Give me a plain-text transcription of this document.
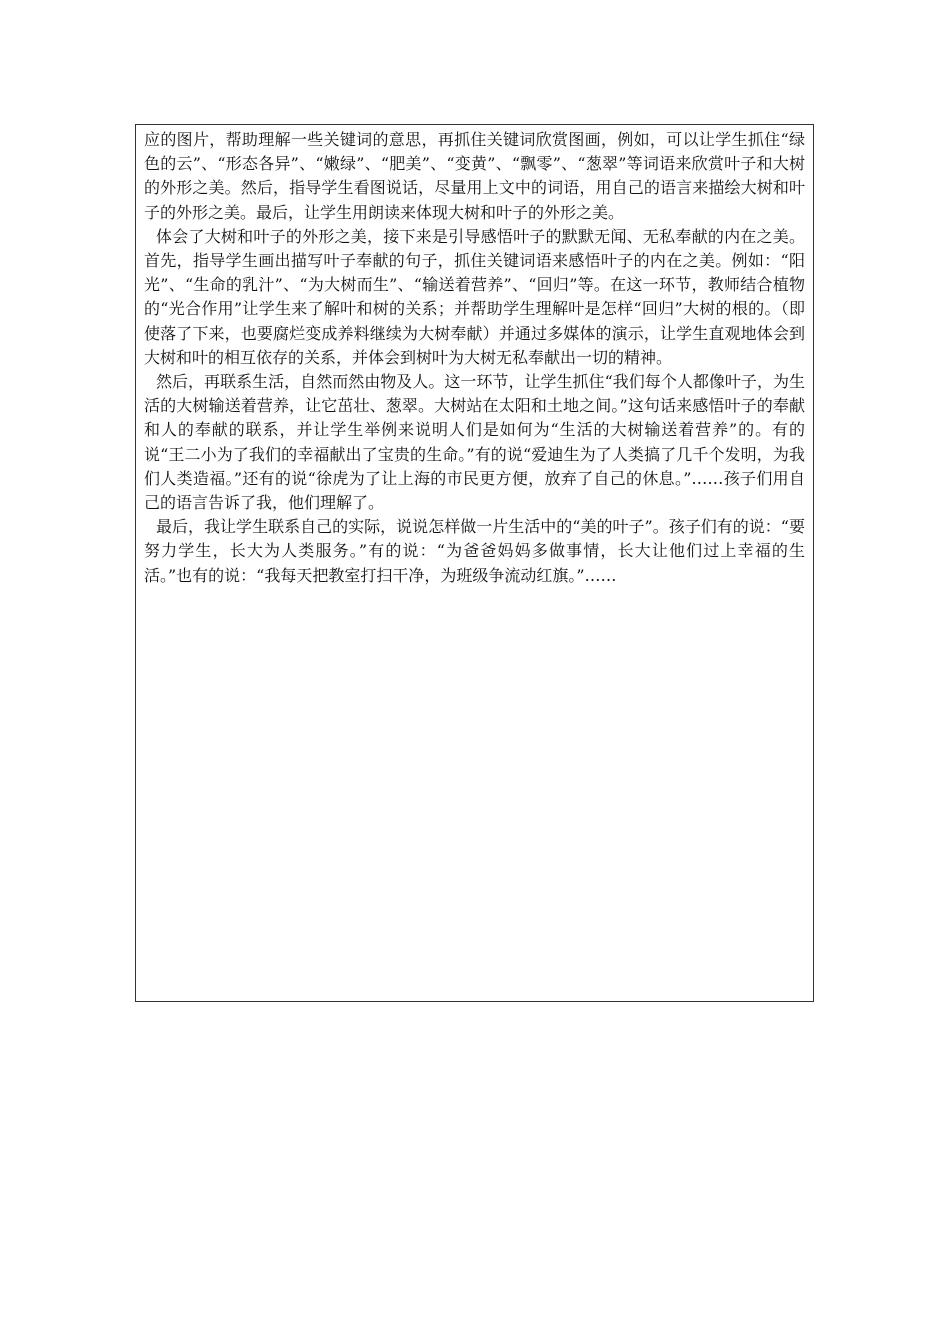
应的图片，帮助理解一些关键词的意思，再抓住关键词欣赏图画，例如，可以让学生抓住“绿色的云”、“形态各异”、“嫩绿”、“肥美”、“变黄”、“飘零”、“葱翠”等词语来欣赏叶子和大树的外形之美。然后，指导学生看图说话，尽量用上文中的词语，用自己的语言来描绘大树和叶子的外形之美。最后，让学生用朗读来体现大树和叶子的外形之美。

体会了大树和叶子的外形之美，接下来是引导感悟叶子的默默无闻、无私奉献的内在之美。首先，指导学生画出描写叶子奉献的句子，抓住关键词语来感悟叶子的内在之美。例如：“阳光”、“生命的乳汁”、“为大树而生”、“输送着营养”、“回归”等。在这一环节，教师结合植物的“光合作用”让学生来了解叶和树的关系；并帮助学生理解叶是怎样“回归”大树的根的。（即使落了下来，也要腐烂变成养料继续为大树奉献）并通过多媒体的演示，让学生直观地体会到大树和叶的相互依存的关系，并体会到树叶为大树无私奉献出一切的精神。

然后，再联系生活，自然而然由物及人。这一环节，让学生抓住“我们每个人都像叶子，为生活的大树输送着营养，让它茁壮、葱翠。大树站在太阳和土地之间。”这句话来感悟叶子的奉献和人的奉献的联系，并让学生举例来说明人们是如何为“生活的大树输送着营养”的。有的说“王二小为了我们的幸福献出了宝贵的生命。”有的说“爱迪生为了人类搞了几千个发明，为我们人类造福。”还有的说“徐虎为了让上海的市民更方便，放弃了自己的休息。”……孩子们用自己的语言告诉了我，他们理解了。

最后，我让学生联系自己的实际，说说怎样做一片生活中的“美的叶子”。孩子们有的说：“要努力学生，长大为人类服务。”有的说：“为爸爸妈妈多做事情，长大让他们过上幸福的生活。”也有的说：“我每天把教室打扫干净，为班级争流动红旗。”……
